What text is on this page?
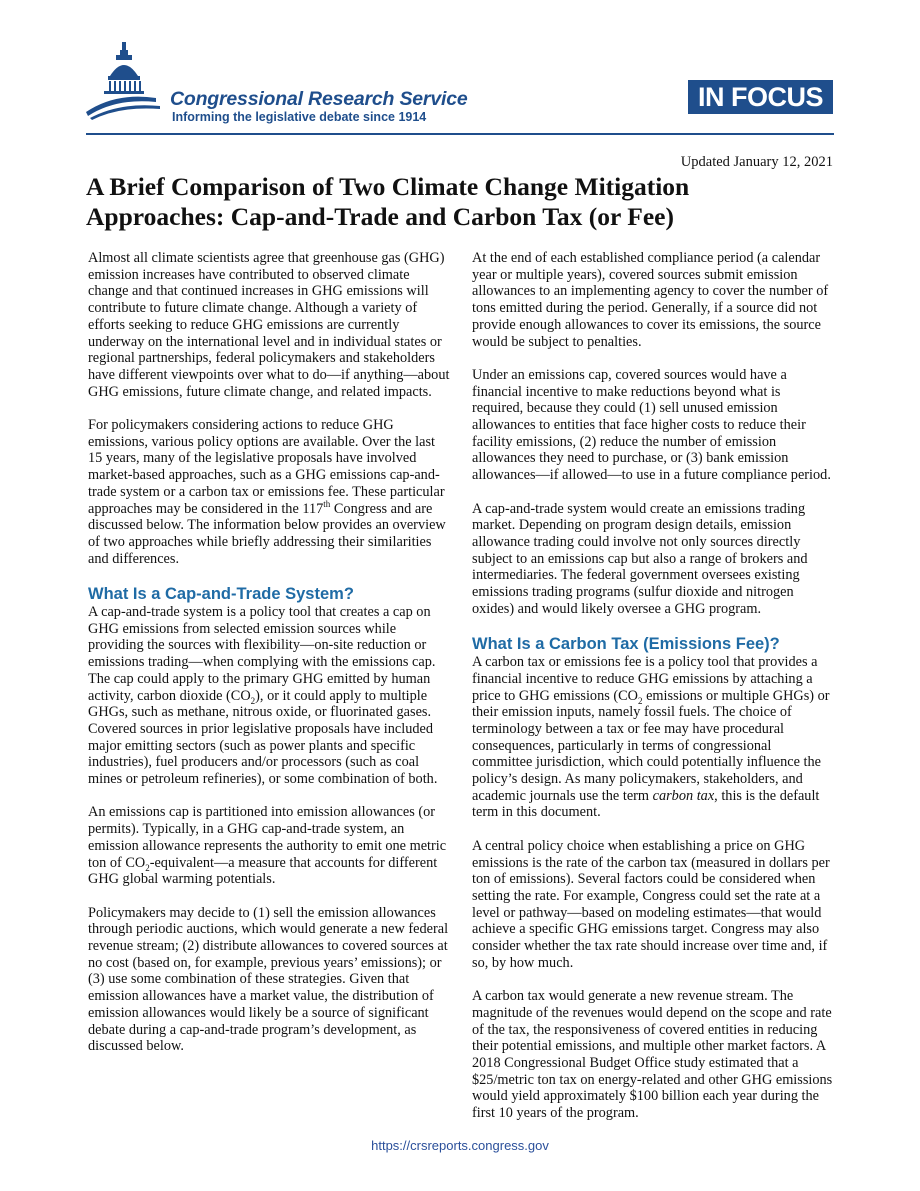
Congressional Research Service
Informing the legislative debate since 1914
IN FOCUS
Updated January 12, 2021
A Brief Comparison of Two Climate Change Mitigation
Approaches: Cap-and-Trade and Carbon Tax (or Fee)

Almost all climate scientists agree that greenhouse gas (GHG) emission increases have contributed to observed climate change and that continued increases in GHG emissions will contribute to future climate change. Although a variety of efforts seeking to reduce GHG emissions are currently underway on the international level and in individual states or regional partnerships, federal policymakers and stakeholders have different viewpoints over what to do—if anything—about GHG emissions, future climate change, and related impacts.

For policymakers considering actions to reduce GHG emissions, various policy options are available. Over the last 15 years, many of the legislative proposals have involved market-based approaches, such as a GHG emissions cap-and-trade system or a carbon tax or emissions fee. These particular approaches may be considered in the 117th Congress and are discussed below. The information below provides an overview of two approaches while briefly addressing their similarities and differences.

What Is a Cap-and-Trade System?

A cap-and-trade system is a policy tool that creates a cap on GHG emissions from selected emission sources while providing the sources with flexibility—on-site reduction or emissions trading—when complying with the emissions cap. The cap could apply to the primary GHG emitted by human activity, carbon dioxide $(CO_2)$, or it could apply to multiple GHGs, such as methane, nitrous oxide, or fluorinated gases. Covered sources in prior legislative proposals have included major emitting sectors (such as power plants and specific industries), fuel producers and/or processors (such as coal mines or petroleum refineries), or some combination of both.

An emissions cap is partitioned into emission allowances (or permits). Typically, in a GHG cap-and-trade system, an emission allowance represents the authority to emit one metric ton of $CO_2-equivalent—a$ measure that accounts for different GHG global warming potentials.

Policymakers may decide to (1) sell the emission allowances through periodic auctions, which would generate a new federal revenue stream; (2) distribute allowances to covered sources at no cost (based on, for example, previous years’ emissions); or (3) use some combination of these strategies. Given that emission allowances have a market value, the distribution of emission allowances would likely be a source of significant debate during a cap-and-trade program’s development, as discussed below.

At the end of each established compliance period (a calendar year or multiple years), covered sources submit emission allowances to an implementing agency to cover the number of tons emitted during the period. Generally, if a source did not provide enough allowances to cover its emissions, the source would be subject to penalties.

Under an emissions cap, covered sources would have a financial incentive to make reductions beyond what is required, because they could (1) sell unused emission allowances to entities that face higher costs to reduce their facility emissions, (2) reduce the number of emission allowances they need to purchase, or (3) bank emission allowances—if allowed—to use in a future compliance period.

A cap-and-trade system would create an emissions trading market. Depending on program design details, emission allowance trading could involve not only sources directly subject to an emissions cap but also a range of brokers and intermediaries. The federal government oversees existing emissions trading programs (sulfur dioxide and nitrogen oxides) and would likely oversee a GHG program.

What Is a Carbon Tax (Emissions Fee)?

A carbon tax or emissions fee is a policy tool that provides a financial incentive to reduce GHG emissions by attaching a price to GHG emissions ($CO_2$ emissions or multiple GHGs) or their emission inputs, namely fossil fuels. The choice of terminology between a tax or fee may have procedural consequences, particularly in terms of congressional committee jurisdiction, which could potentially influence the policy’s design. As many policymakers, stakeholders, and academic journals use the term carbon tax, this is the default term in this document.

A central policy choice when establishing a price on GHG emissions is the rate of the carbon tax (measured in dollars per ton of emissions). Several factors could be considered when setting the rate. For example, Congress could set the rate at a level or pathway—based on modeling estimates—that would achieve a specific GHG emissions target. Congress may also consider whether the tax rate should increase over time and, if so, by how much.

A carbon tax would generate a new revenue stream. The magnitude of the revenues would depend on the scope and rate of the tax, the responsiveness of covered entities in reducing their potential emissions, and multiple other market factors. A 2018 Congressional Budget Office study estimated that a $25/metric ton tax on energy-related and other GHG emissions would yield approximately $100 billion each year during the first 10 years of the program.

https://crsreports.congress.gov
